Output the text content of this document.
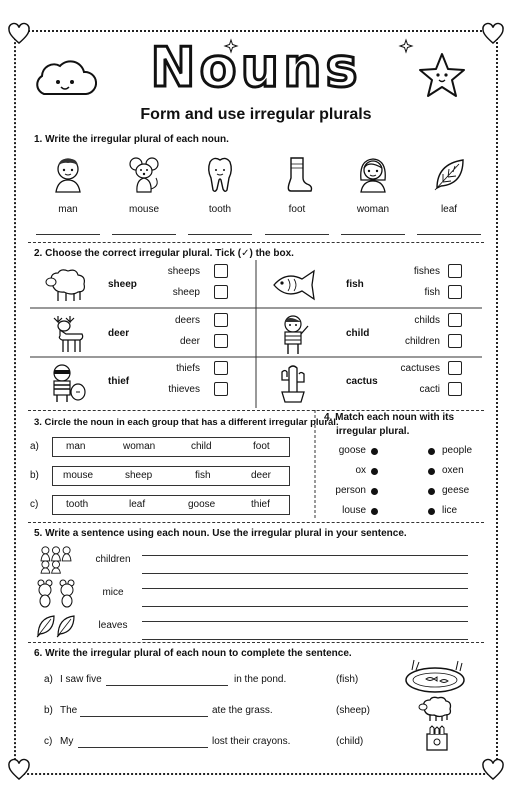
Nouns
Form and use irregular plurals
1. Write the irregular plural of each noun.
man	mouse	tooth	foot	woman	leaf
2. Choose the correct irregular plural. Tick (✓) the box.
sheep
sheeps
sheep
fish
fishes
fish
deer
deers
deer
child
childs
children
thief
thiefs
thieves
cactus
cactuses
cacti
3. Circle the noun in each group that has a different irregular plural.
a)	man	woman	child	foot
b)	mouse	sheep	fish	deer
c)	tooth	leaf	goose	thief
4. Match each noun with its
irregular plural.
goose	people
ox	oxen
person	geese
louse	lice
5. Write a sentence using each noun. Use the irregular plural in your sentence.
children
mice
leaves
6. Write the irregular plural of each noun to complete the sentence.
a) I saw five	in the pond.	(fish)
b) The	ate the grass.	(sheep)
c) My	lost their crayons.	(child)
